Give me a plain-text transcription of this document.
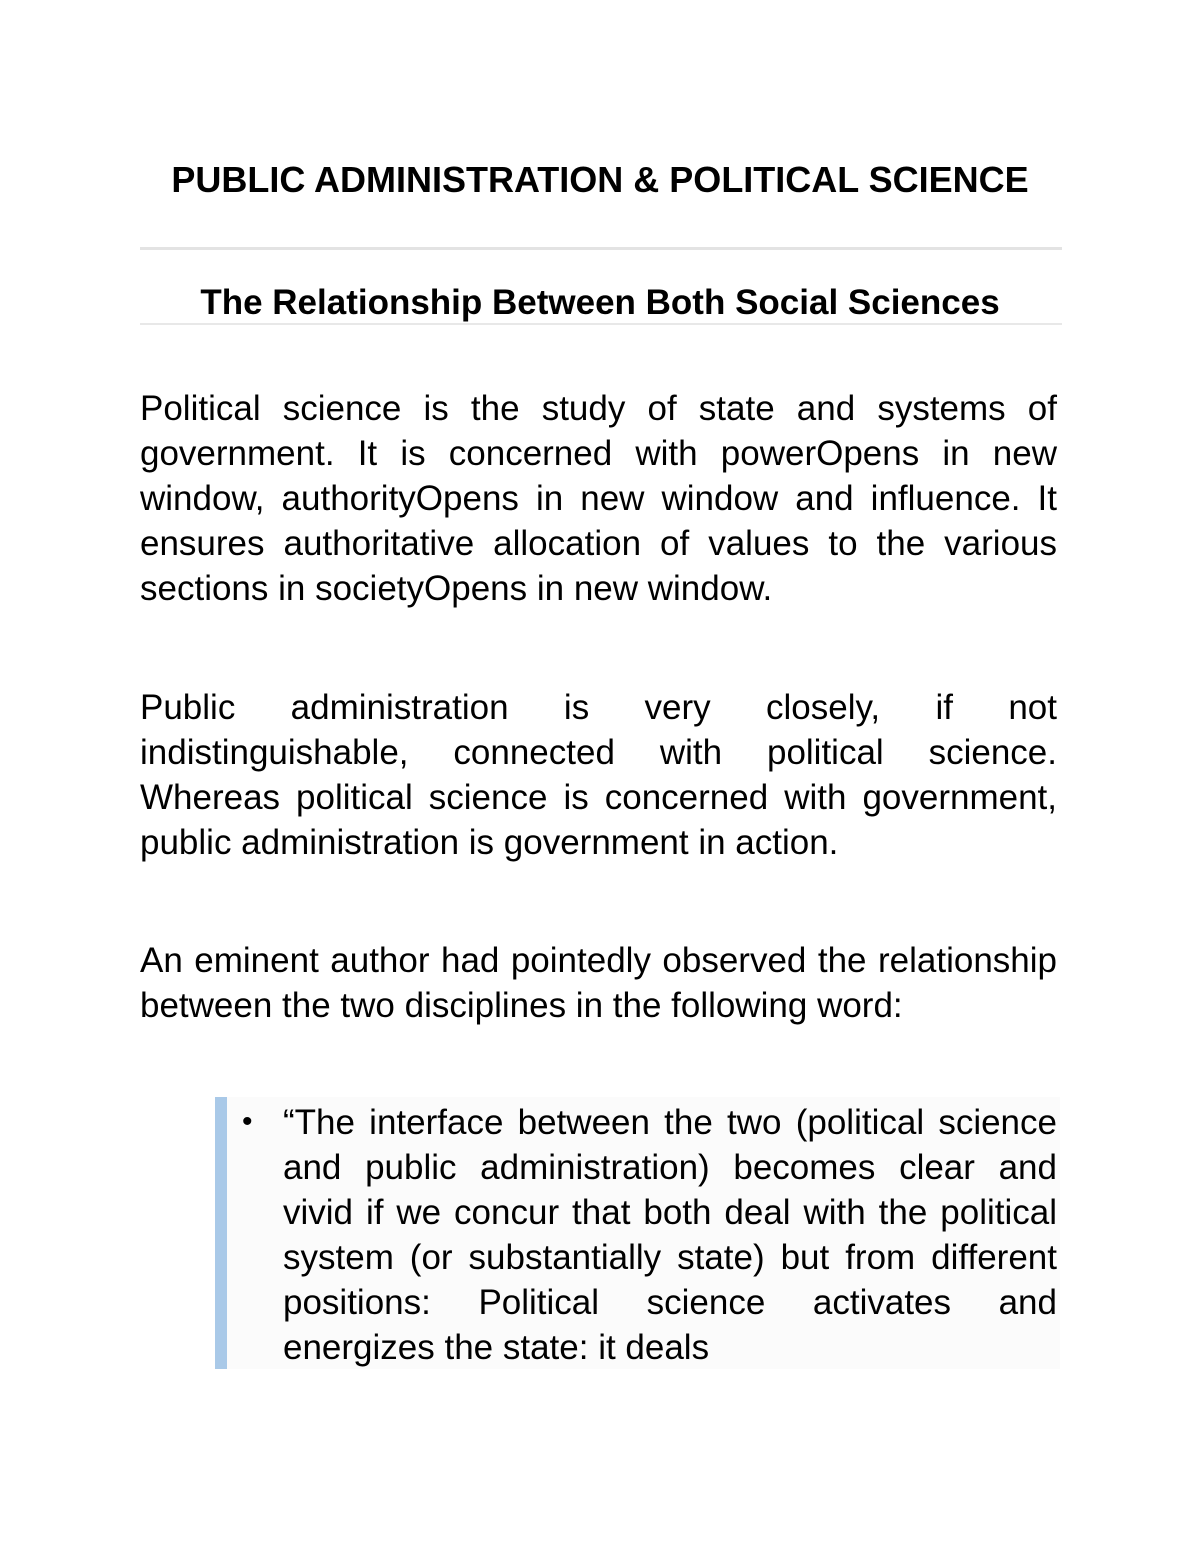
PUBLIC ADMINISTRATION & POLITICAL SCIENCE
The Relationship Between Both Social Sciences

Political science is the study of state and systems of government. It is concerned with powerOpens in new window, authorityOpens in new window and influence. It ensures authoritative allocation of values to the various sections in societyOpens in new window.

Public administration is very closely, if not indistinguishable, connected with political science. Whereas political science is concerned with government, public administration is government in action.

An eminent author had pointedly observed the relationship between the two disciplines in the following word:

• “The interface between the two (political science and public administration) becomes clear and vivid if we concur that both deal with the political system (or substantially state) but from different positions: Political science activates and energizes the state: it deals
